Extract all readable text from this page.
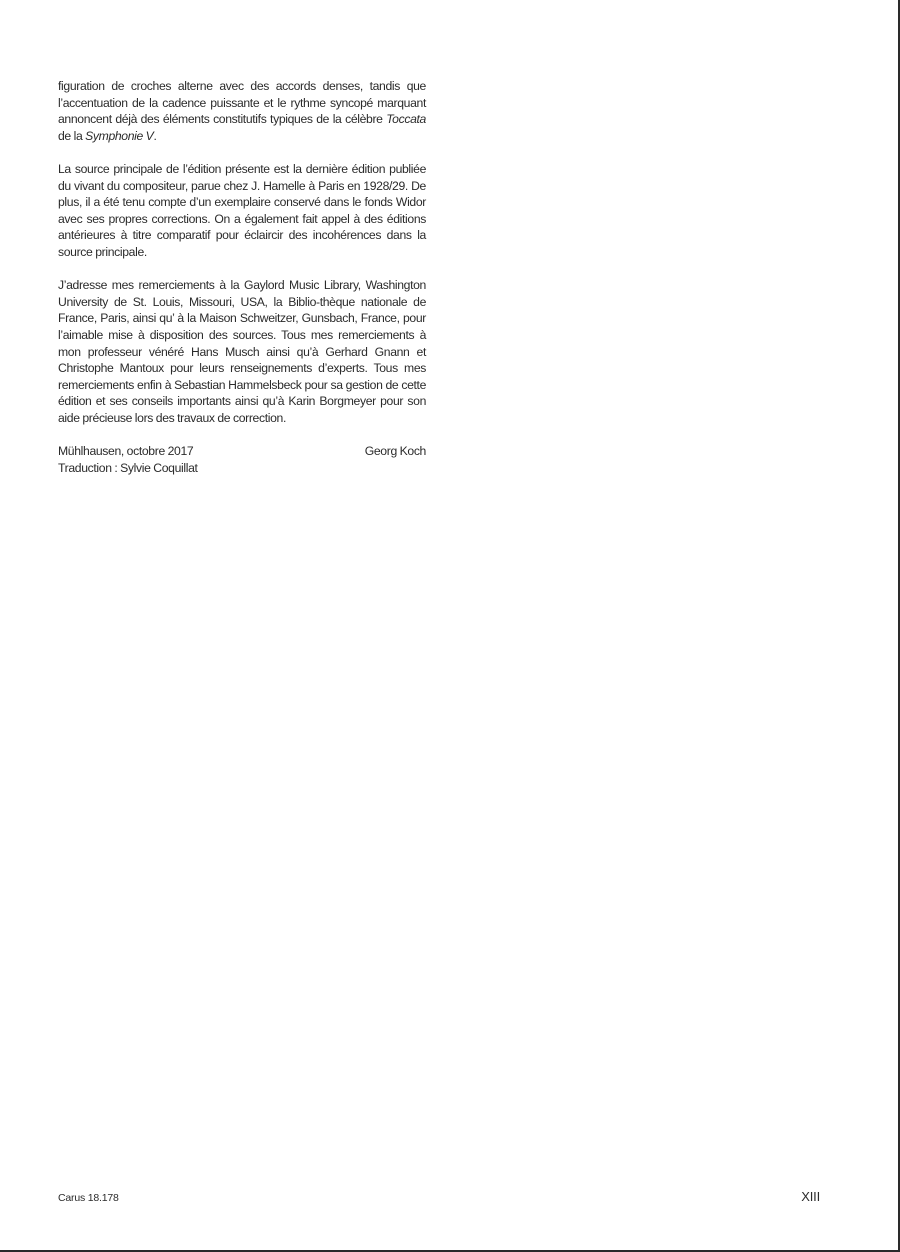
figuration de croches alterne avec des accords denses, tandis que l’accentuation de la cadence puissante et le rythme syncopé marquant annoncent déjà des éléments constitutifs typiques de la célèbre Toccata de la Symphonie V.

La source principale de l’édition présente est la dernière édition publiée du vivant du compositeur, parue chez J. Hamelle à Paris en 1928/29. De plus, il a été tenu compte d’un exemplaire conservé dans le fonds Widor avec ses propres corrections. On a également fait appel à des éditions antérieures à titre comparatif pour éclaircir des incohérences dans la source principale.

J’adresse mes remerciements à la Gaylord Music Library, Washington University de St. Louis, Missouri, USA, la Biblio-thèque nationale de France, Paris, ainsi qu’ à la Maison Schweitzer, Gunsbach, France, pour l’aimable mise à disposition des sources. Tous mes remerciements à mon professeur vénéré Hans Musch ainsi qu’à Gerhard Gnann et Christophe Mantoux pour leurs renseignements d’experts. Tous mes remerciements enfin à Sebastian Hammelsbeck pour sa gestion de cette édition et ses conseils importants ainsi qu’à Karin Borgmeyer pour son aide précieuse lors des travaux de correction.

Mühlhausen, octobre 2017	Georg Koch
Traduction : Sylvie Coquillat
Carus 18.178	XIII
